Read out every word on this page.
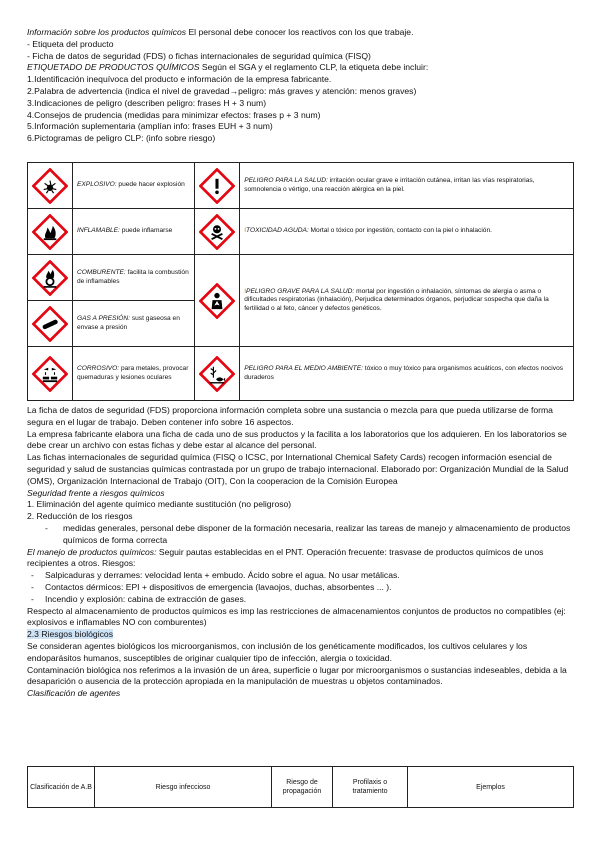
Información sobre los productos químicos El personal debe conocer los reactivos con los que trabaje.

- Etiqueta del producto

- Ficha de datos de seguridad (FDS) o fichas internacionales de seguridad química (FISQ)

ETIQUETADO DE PRODUCTOS QUÍMICOS Según el SGA y el reglamento CLP, la etiqueta debe incluir:

1.Identificación inequívoca del producto e información de la empresa fabricante.

2.Palabra de advertencia (indica el nivel de gravedad→peligro: más graves y atención: menos graves)

3.Indicaciones de peligro (describen peligro: frases H + 3 num)

4.Consejos de prudencia (medidas para minimizar efectos: frases p + 3 num)

5.Información suplementaria (amplían info: frases EUH + 3 num)

6.Pictogramas de peligro CLP: (info sobre riesgo)

	EXPLOSIVO: puede hacer explosión		PELIGRO PARA LA SALUD: irritación ocular grave e irritación cutánea, irritan las vías respiratorias, somnolencia o vértigo, una reacción alérgica en la piel.

	INFLAMABLE: puede inflamarse		ITOXICIDAD AGUDA: Mortal o tóxico por ingestión, contacto con la piel o inhalación.

	COMBURENTE: facilita la combustión de inflamables		IPELIGRO GRAVE PARA LA SALUD: mortal por ingestión o inhalación, síntomas de alergia o asma o dificultades respiratorias (inhalación), Perjudica determinados órganos, perjudicar sospecha que daña la fertilidad o al feto, cáncer y defectos genéticos.

	GAS A PRESIÓN: sust gaseosa en envase a presión		

	CORROSIVO: para metales, provocar quemaduras y lesiones oculares		PELIGRO PARA EL MEDIO AMBIENTE: tóxico o muy tóxico para organismos acuáticos, con efectos nocivos duraderos

La ficha de datos de seguridad (FDS) proporciona información completa sobre una sustancia o mezcla para que pueda utilizarse de forma segura en el lugar de trabajo. Deben contener info sobre 16 aspectos.

La empresa fabricante elabora una ficha de cada uno de sus productos y la facilita a los laboratorios que los adquieren. En los laboratorios se debe crear un archivo con estas fichas y debe estar al alcance del personal.

Las fichas internacionales de seguridad química (FISQ o ICSC, por International Chemical Safety Cards) recogen información esencial de seguridad y salud de sustancias químicas contrastada por un grupo de trabajo internacional. Elaborado por: Organización Mundial de la Salud (OMS), Organización Internacional de Trabajo (OIT), Con la cooperacion de la Comisión Europea

Seguridad frente a riesgos químicos

1. Eliminación del agente químico mediante sustitución (no peligroso)

2. Reducción de los riesgos

- medidas generales, personal debe disponer de la formación necesaria, realizar las tareas de manejo y almacenamiento de productos químicos de forma correcta

El manejo de productos químicos: Seguir pautas establecidas en el PNT. Operación frecuente: trasvase de productos químicos de unos recipientes a otros. Riesgos:

- Salpicaduras y derrames: velocidad lenta + embudo. Ácido sobre el agua. No usar metálicas.

- Contactos dérmicos: EPI + dispositivos de emergencia (lavaojos, duchas, absorbentes ... ).

- Incendio y explosión: cabina de extracción de gases.

Respecto al almacenamiento de productos químicos es imp las restricciones de almacenamientos conjuntos de productos no compatibles (ej: explosivos e inflamables NO con comburentes)

2.3 Riesgos biológicos

Se consideran agentes biológicos los microorganismos, con inclusión de los genéticamente modificados, los cultivos celulares y los endoparásitos humanos, susceptibles de originar cualquier tipo de infección, alergia o toxicidad.

Contaminación biológica nos referimos a la invasión de un área, superficie o lugar por microorganismos o sustancias indeseables, debida a la desaparición o ausencia de la protección apropiada en la manipulación de muestras u objetos contaminados.

Clasificación de agentes

Clasificación de A.B	Riesgo infeccioso	Riesgo de propagación	Profilaxis o tratamiento	Ejemplos
